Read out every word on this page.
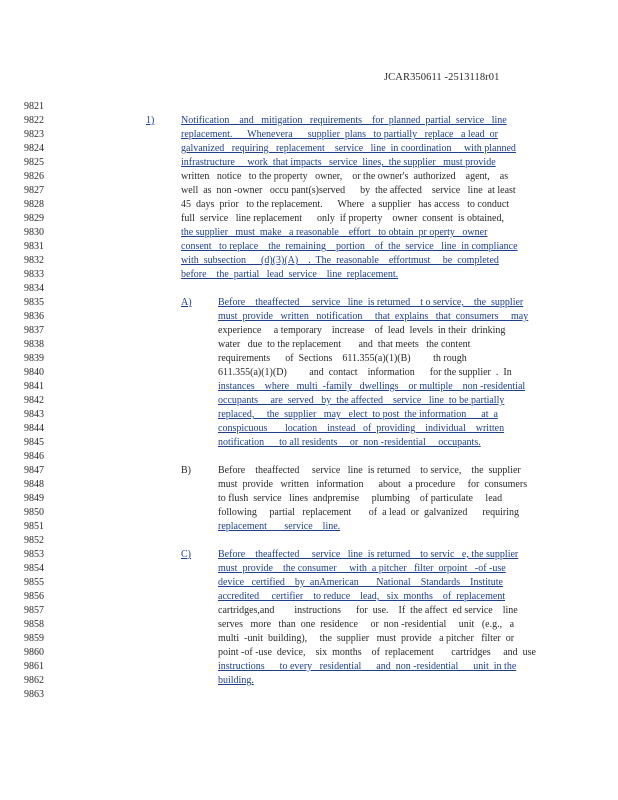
JCAR350611 -2513118r01
9821
9822
9823
9824
9825
9826
9827
9828
9829
9830
9831
9832
9833
9834
9835
9836
9837
9838
9839
9840
9841
9842
9843
9844
9845
9846
9847
9848
9849
9850
9851
9852
9853
9854
9855
9856
9857
9858
9859
9860
9861
9862
9863
1)
A)
B)
C)
Notification    and   mitigation   requirements    for  planned  partial  service   line
replacement.      Whenevera      supplier  plans   to partially   replace   a lead  or
galvanized   requiring   replacement    service   line  in coordination     with planned
infrastructure     work  that impacts   service  lines,  the supplier   must provide
written   notice   to the property   owner,    or the owner's  authorized    agent,    as
well  as  non -owner   occu pant(s)served      by  the affected    service   line  at least
45  days  prior   to the replacement.      Where   a supplier   has access   to conduct
full  service   line replacement      only  if property    owner  consent  is obtained,
the supplier   must  make   a reasonable    effort   to obtain  pr operty   owner
consent   to replace    the  remaining    portion    of  the  service   line  in compliance
with  subsection      (d)(3)(A)    .  The  reasonable    effortmust     be  completed
before    the  partial   lead  service    line  replacement.
Before    theaffected     service   line  is returned    t o service,    the  supplier
must  provide   written   notification     that  explains   that  consumers     may
experience     a temporary    increase    of  lead  levels  in their  drinking
water   due  to the replacement       and  that meets   the content
requirements      of  Sections    611.355(a)(1)(B)         th rough
611.355(a)(1)(D)         and  contact    information      for the supplier  .  In
instances    where   multi  -family   dwellings    or multiple    non -residential
occupants     are  served   by  the affected    service   line  to be partially
replaced,     the  supplier   may   elect  to post  the information      at  a
conspicuous       location    instead   of  providing    individual    written
notification      to all residents     or  non -residential     occupants.
Before    theaffected     service   line  is returned    to service,    the  supplier
must  provide   written   information      about   a procedure     for  consumers
to flush  service   lines  andpremise     plumbing    of particulate     lead
following     partial   replacement       of  a lead  or  galvanized      requiring
replacement       service    line.
Before    theaffected     service   line  is returned    to servic   e, the supplier
must  provide    the consumer     with  a pitcher   filter  orpoint   -of -use
device   certified    by  anAmerican       National    Standards    Institute
accredited     certifier    to reduce    lead,   six  months    of  replacement
cartridges,and        instructions      for  use.    If  the affect  ed service    line
serves   more   than  one  residence     or  non -residential     unit   (e.g.,   a
multi  -unit  building),     the  supplier   must  provide   a pitcher   filter  or
point -of -use  device,    six  months    of  replacement       cartridges     and  use
instructions      to every   residential      and  non -residential      unit  in the
building.
